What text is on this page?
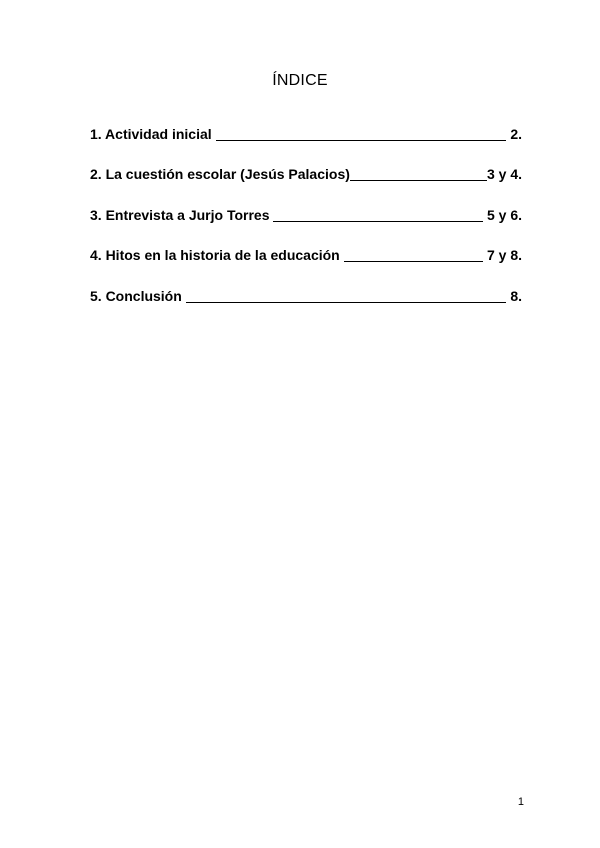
ÍNDICE
1. Actividad inicial	2.
2. La cuestión escolar (Jesús Palacios)	3 y 4.
3. Entrevista a Jurjo Torres	5 y 6.
4. Hitos en la historia de la educación	7 y 8.
5. Conclusión	8.
1
